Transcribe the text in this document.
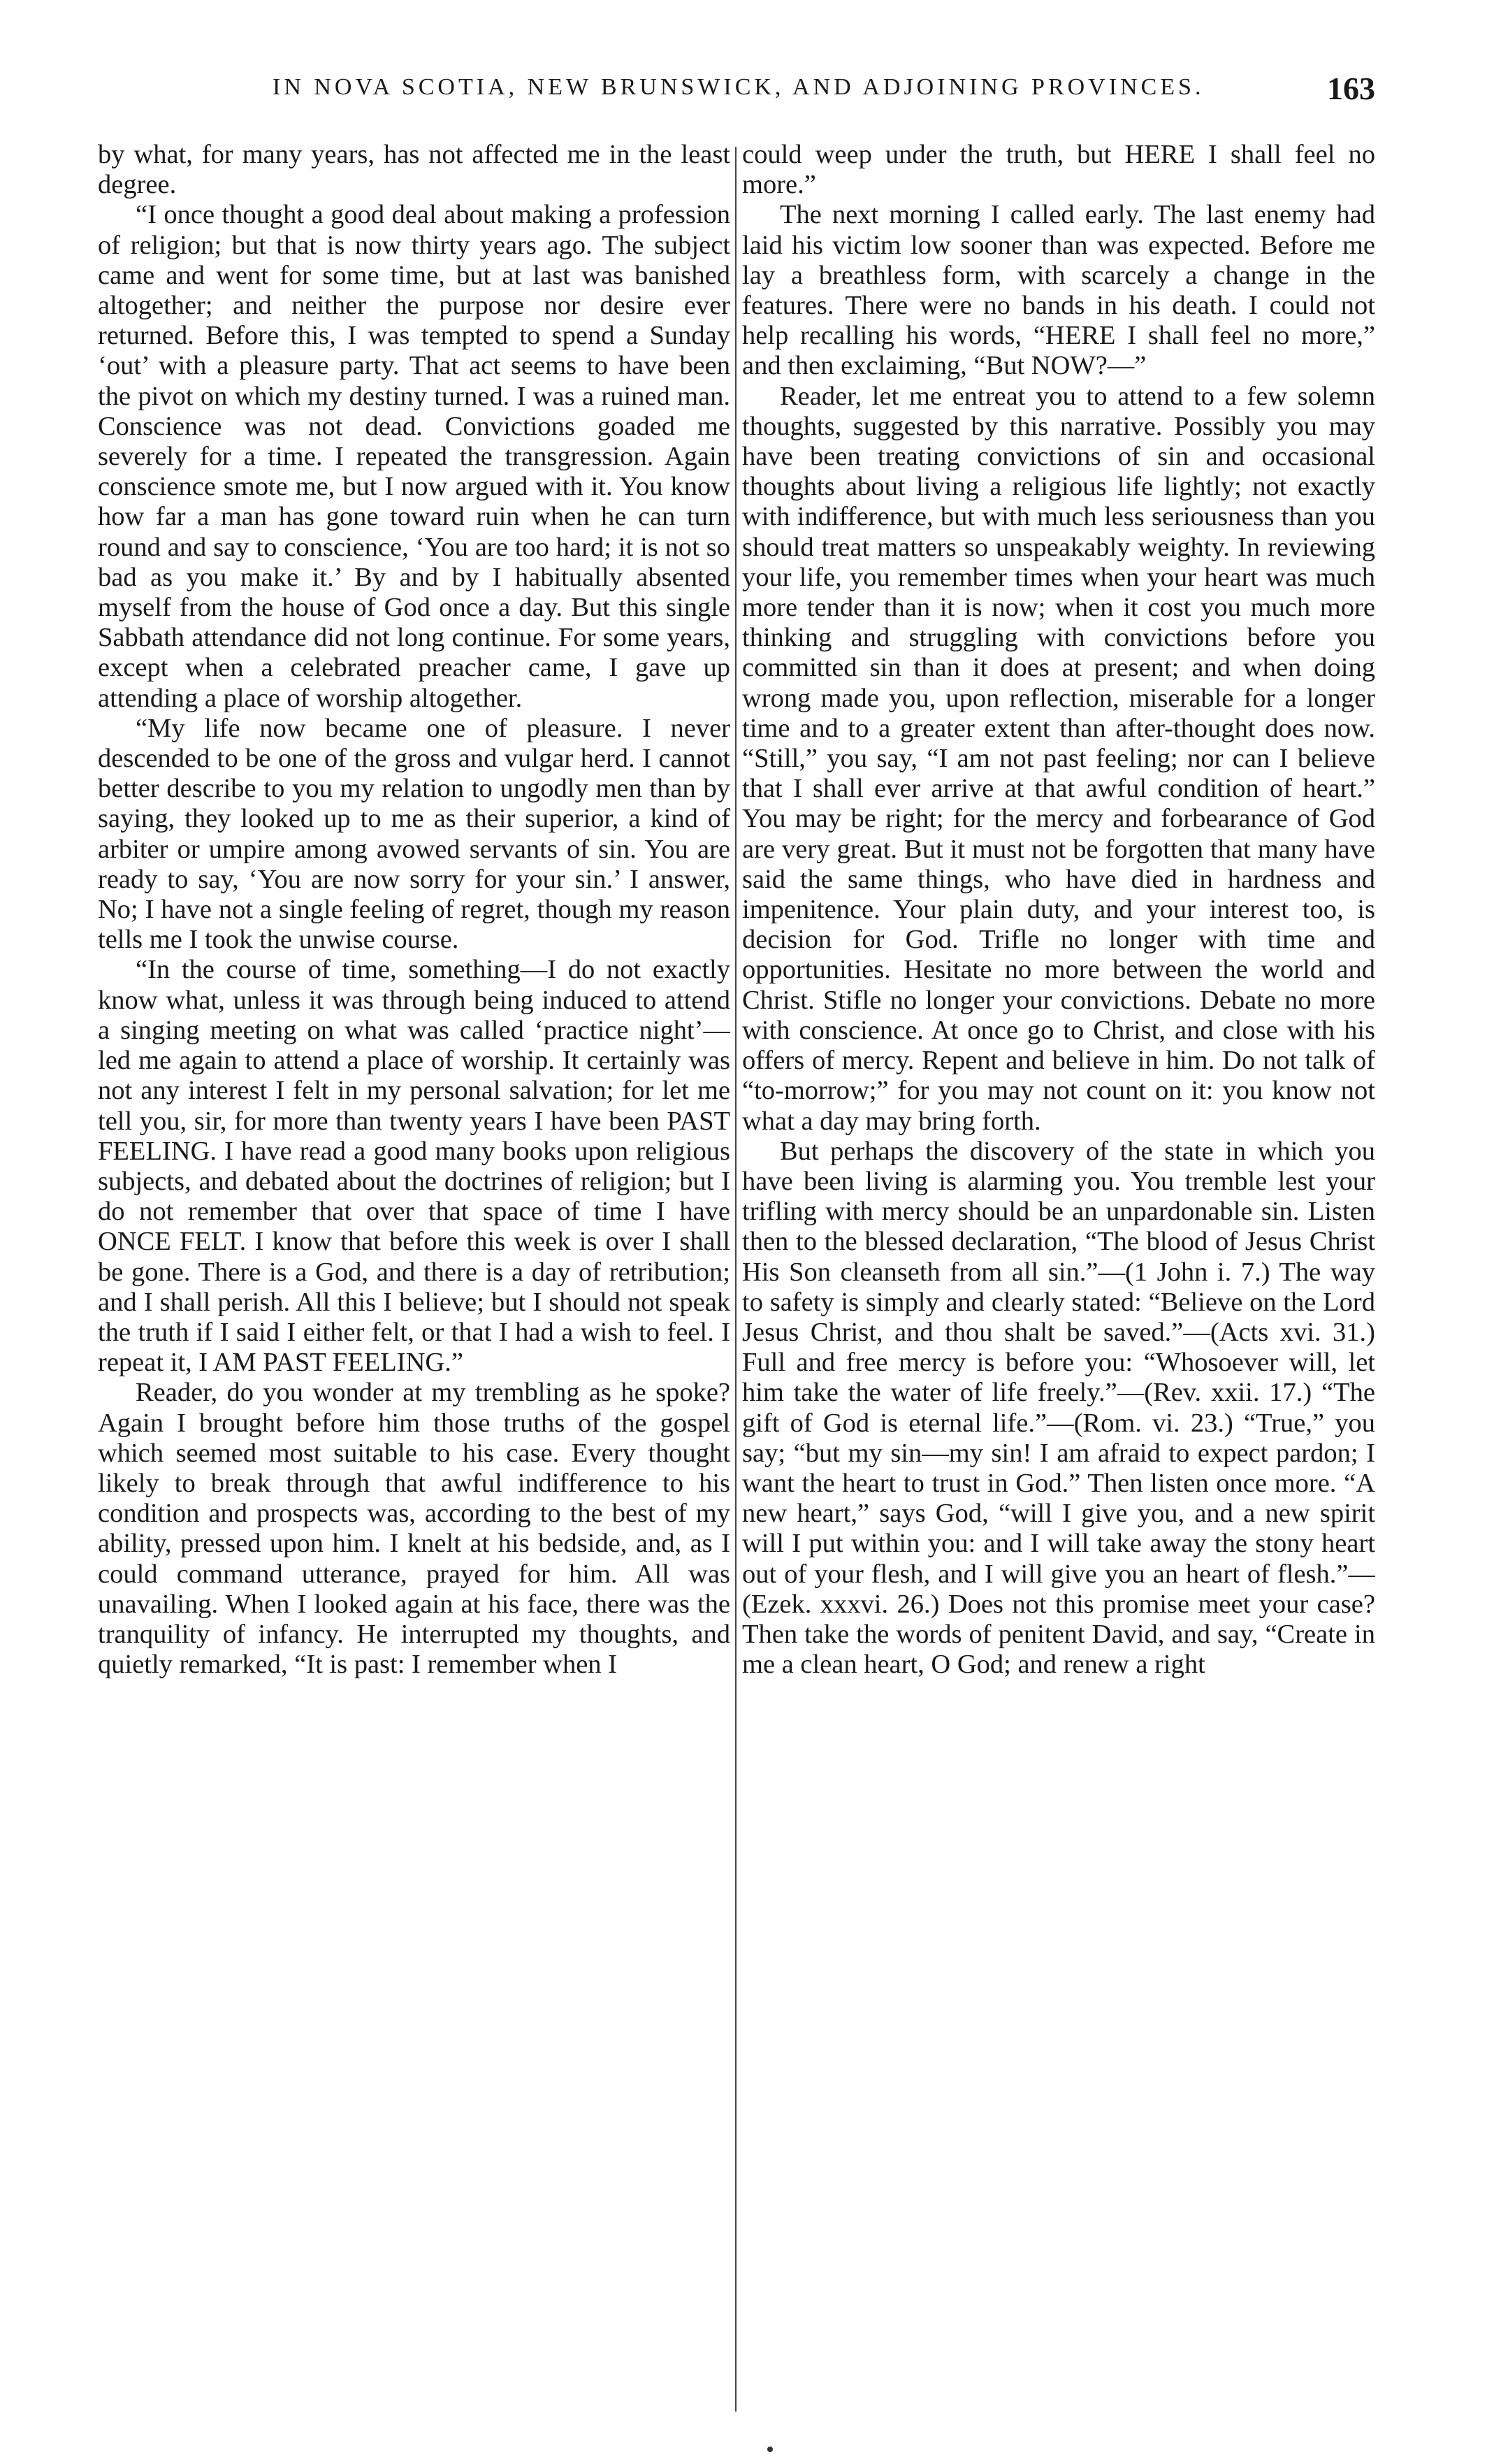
IN NOVA SCOTIA, NEW BRUNSWICK, AND ADJOINING PROVINCES.	163

by what, for many years, has not affected me in the least degree.

“I once thought a good deal about making a profession of religion; but that is now thirty years ago. The subject came and went for some time, but at last was banished altogether; and neither the purpose nor desire ever returned. Before this, I was tempted to spend a Sunday ‘out’ with a pleasure party. That act seems to have been the pivot on which my destiny turned. I was a ruined man. Conscience was not dead. Convictions goaded me severely for a time. I repeated the transgression. Again conscience smote me, but I now argued with it. You know how far a man has gone toward ruin when he can turn round and say to conscience, ‘You are too hard; it is not so bad as you make it.’ By and by I habitually absented myself from the house of God once a day. But this single Sabbath attendance did not long continue. For some years, except when a celebrated preacher came, I gave up attending a place of worship altogether.

“My life now became one of pleasure. I never descended to be one of the gross and vulgar herd. I cannot better describe to you my relation to ungodly men than by saying, they looked up to me as their superior, a kind of arbiter or umpire among avowed servants of sin. You are ready to say, ‘You are now sorry for your sin.’ I answer, No; I have not a single feeling of regret, though my reason tells me I took the unwise course.

“In the course of time, something—I do not exactly know what, unless it was through being induced to attend a singing meeting on what was called ‘practice night’—led me again to attend a place of worship. It certainly was not any interest I felt in my personal salvation; for let me tell you, sir, for more than twenty years I have been PAST FEELING. I have read a good many books upon religious subjects, and debated about the doctrines of religion; but I do not remember that over that space of time I have ONCE FELT. I know that before this week is over I shall be gone. There is a God, and there is a day of retribution; and I shall perish. All this I believe; but I should not speak the truth if I said I either felt, or that I had a wish to feel. I repeat it, I AM PAST FEELING.”

Reader, do you wonder at my trembling as he spoke? Again I brought before him those truths of the gospel which seemed most suitable to his case. Every thought likely to break through that awful indifference to his condition and prospects was, according to the best of my ability, pressed upon him. I knelt at his bedside, and, as I could command utterance, prayed for him. All was unavailing. When I looked again at his face, there was the tranquility of infancy. He interrupted my thoughts, and quietly remarked, “It is past: I remember when I

could weep under the truth, but HERE I shall feel no more.”

The next morning I called early. The last enemy had laid his victim low sooner than was expected. Before me lay a breathless form, with scarcely a change in the features. There were no bands in his death. I could not help recalling his words, “HERE I shall feel no more,” and then exclaiming, “But NOW?—”

Reader, let me entreat you to attend to a few solemn thoughts, suggested by this narrative. Possibly you may have been treating convictions of sin and occasional thoughts about living a religious life lightly; not exactly with indifference, but with much less seriousness than you should treat matters so unspeakably weighty. In reviewing your life, you remember times when your heart was much more tender than it is now; when it cost you much more thinking and struggling with convictions before you committed sin than it does at present; and when doing wrong made you, upon reflection, miserable for a longer time and to a greater extent than after-thought does now. “Still,” you say, “I am not past feeling; nor can I believe that I shall ever arrive at that awful condition of heart.” You may be right; for the mercy and forbearance of God are very great. But it must not be forgotten that many have said the same things, who have died in hardness and impenitence. Your plain duty, and your interest too, is decision for God. Trifle no longer with time and opportunities. Hesitate no more between the world and Christ. Stifle no longer your convictions. Debate no more with conscience. At once go to Christ, and close with his offers of mercy. Repent and believe in him. Do not talk of “to-morrow;” for you may not count on it: you know not what a day may bring forth.

But perhaps the discovery of the state in which you have been living is alarming you. You tremble lest your trifling with mercy should be an unpardonable sin. Listen then to the blessed declaration, “The blood of Jesus Christ His Son cleanseth from all sin.”—(1 John i. 7.) The way to safety is simply and clearly stated: “Believe on the Lord Jesus Christ, and thou shalt be saved.”—(Acts xvi. 31.) Full and free mercy is before you: “Whosoever will, let him take the water of life freely.”—(Rev. xxii. 17.) “The gift of God is eternal life.”—(Rom. vi. 23.) “True,” you say; “but my sin—my sin! I am afraid to expect pardon; I want the heart to trust in God.” Then listen once more. “A new heart,” says God, “will I give you, and a new spirit will I put within you: and I will take away the stony heart out of your flesh, and I will give you an heart of flesh.”—(Ezek. xxxvi. 26.) Does not this promise meet your case? Then take the words of penitent David, and say, “Create in me a clean heart, O God; and renew a right
